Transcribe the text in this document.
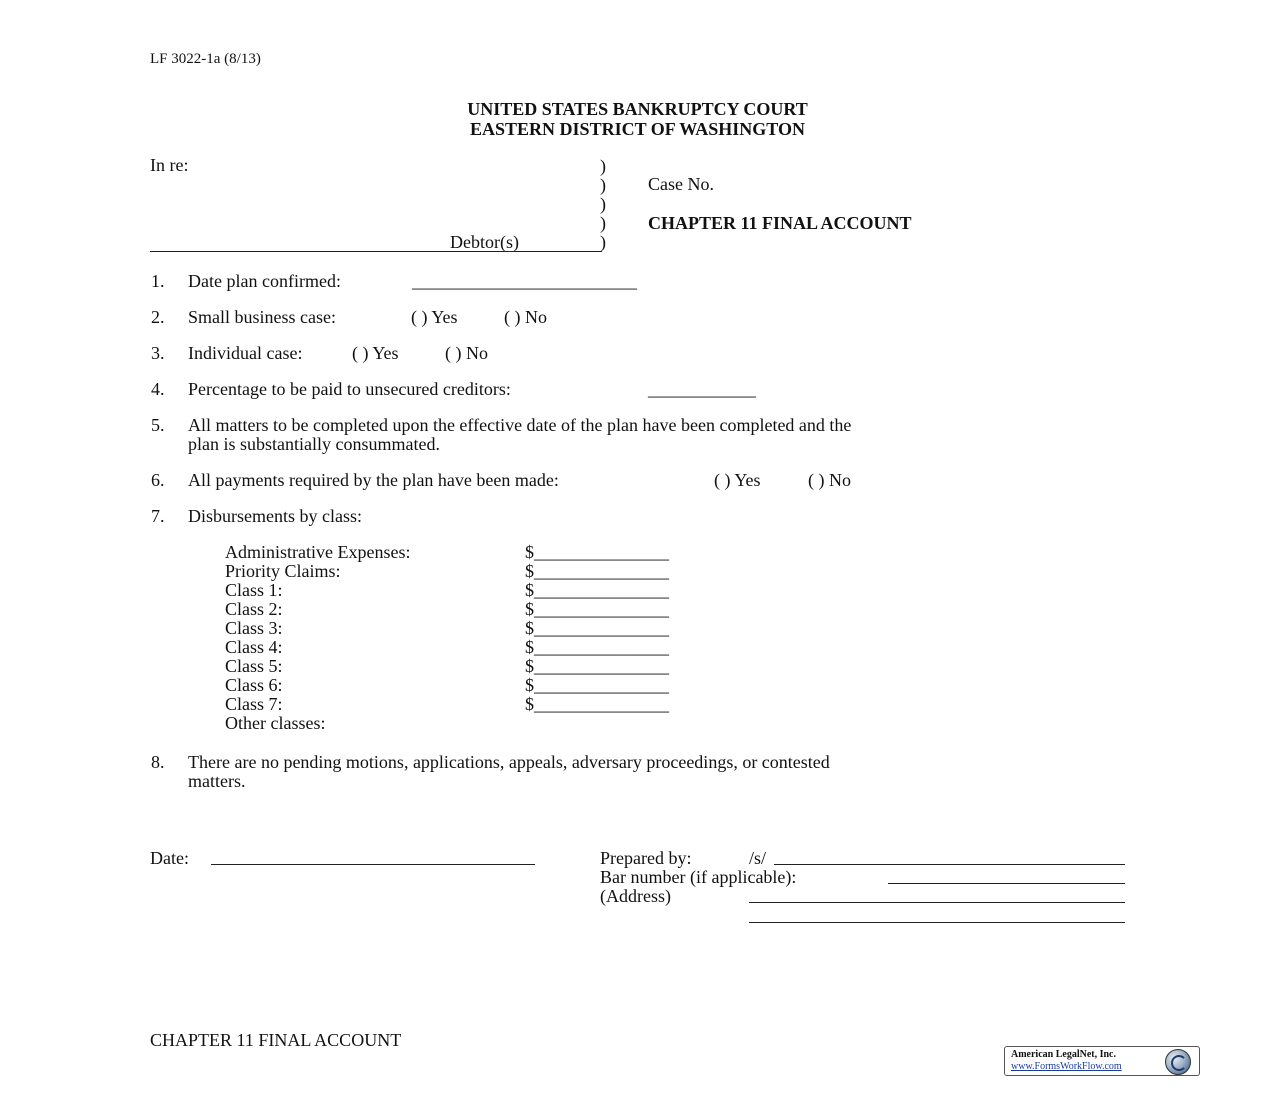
LF 3022-1a (8/13)
UNITED STATES BANKRUPTCY COURT
EASTERN DISTRICT OF WASHINGTON
In re:	)
)
)
)
)
Case No.
CHAPTER 11 FINAL ACCOUNT
Debtor(s)
1. Date plan confirmed:	_________________________
2. Small business case:	( ) Yes	( ) No
3. Individual case:	( ) Yes	( ) No
4. Percentage to be paid to unsecured creditors:	____________
5. All matters to be completed upon the effective date of the plan have been completed and the
plan is substantially consummated.
6. All payments required by the plan have been made:	( ) Yes	( ) No
7. Disbursements by class:
Administrative Expenses:	$_______________
Priority Claims:	$_______________
Class 1:	$_______________
Class 2:	$_______________
Class 3:	$_______________
Class 4:	$_______________
Class 5:	$_______________
Class 6:	$_______________
Class 7:	$_______________
Other classes:
8. There are no pending motions, applications, appeals, adversary proceedings, or contested
matters.
Date:	Prepared by:	/s/
Bar number (if applicable):
(Address)
CHAPTER 11 FINAL ACCOUNT
American LegalNet, Inc.
www.FormsWorkFlow.com
